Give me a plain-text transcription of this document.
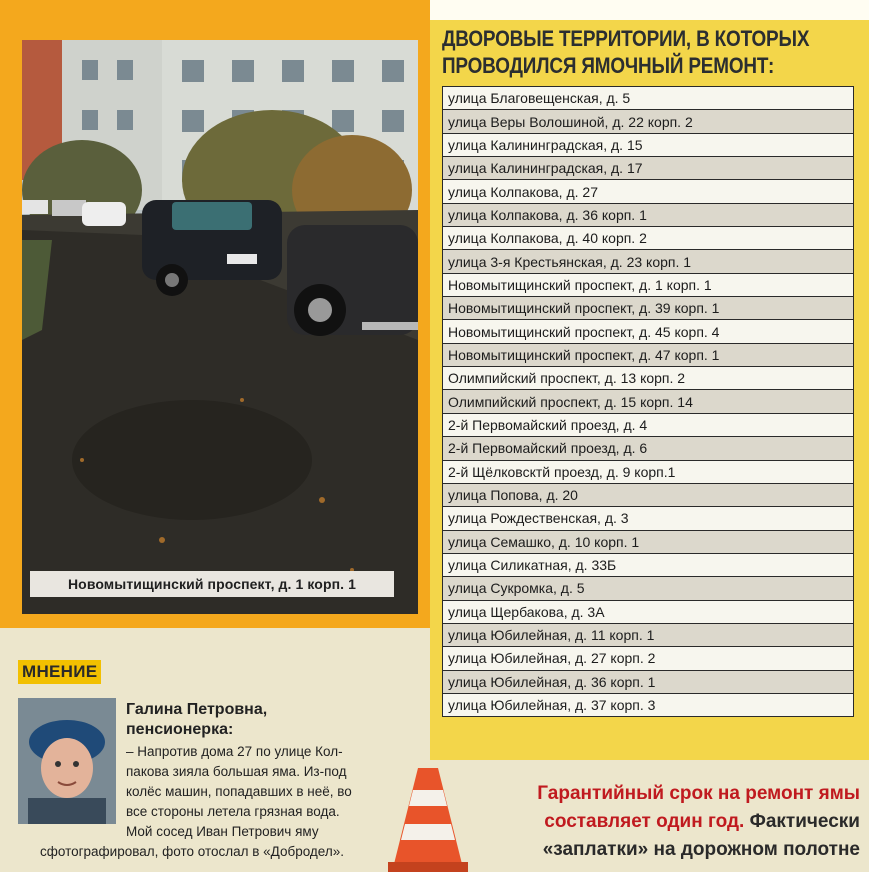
Новомытищинский проспект, д. 1 корп. 1
ДВОРОВЫЕ ТЕРРИТОРИИ, В КОТОРЫХ
ПРОВОДИЛСЯ ЯМОЧНЫЙ РЕМОНТ:
улица Благовещенская, д. 5
улица Веры Волошиной, д. 22 корп. 2
улица Калининградская, д. 15
улица Калининградская, д. 17
улица Колпакова, д. 27
улица Колпакова, д. 36 корп. 1
улица Колпакова, д. 40 корп. 2
улица 3-я Крестьянская, д. 23 корп. 1
Новомытищинский проспект, д. 1 корп. 1
Новомытищинский проспект, д. 39 корп. 1
Новомытищинский проспект, д. 45 корп. 4
Новомытищинский проспект, д. 47 корп. 1
Олимпийский проспект, д. 13 корп. 2
Олимпийский проспект, д. 15 корп. 14
2-й Первомайский проезд, д. 4
2-й Первомайский проезд, д. 6
2-й Щёлковсктй проезд, д. 9 корп.1
улица Попова, д. 20
улица Рождественская, д. 3
улица Семашко, д. 10 корп. 1
улица Силикатная, д. 33Б
улица Сукромка, д. 5
улица Щербакова, д. 3А
улица Юбилейная, д. 11 корп. 1
улица Юбилейная, д. 27 корп. 2
улица Юбилейная, д. 36 корп. 1
улица Юбилейная, д. 37 корп. 3
МНЕНИЕ
Галина Петровна,
пенсионерка:
– Напротив дома 27 по улице Кол-
пакова зияла большая яма. Из-под
колёс машин, попадавших в неё, во
все стороны летела грязная вода.
Мой сосед Иван Петрович яму
сфотографировал, фото отослал в «Добродел».
Гарантийный срок на ремонт ямы
составляет один год. Фактически
«заплатки» на дорожном полотне
